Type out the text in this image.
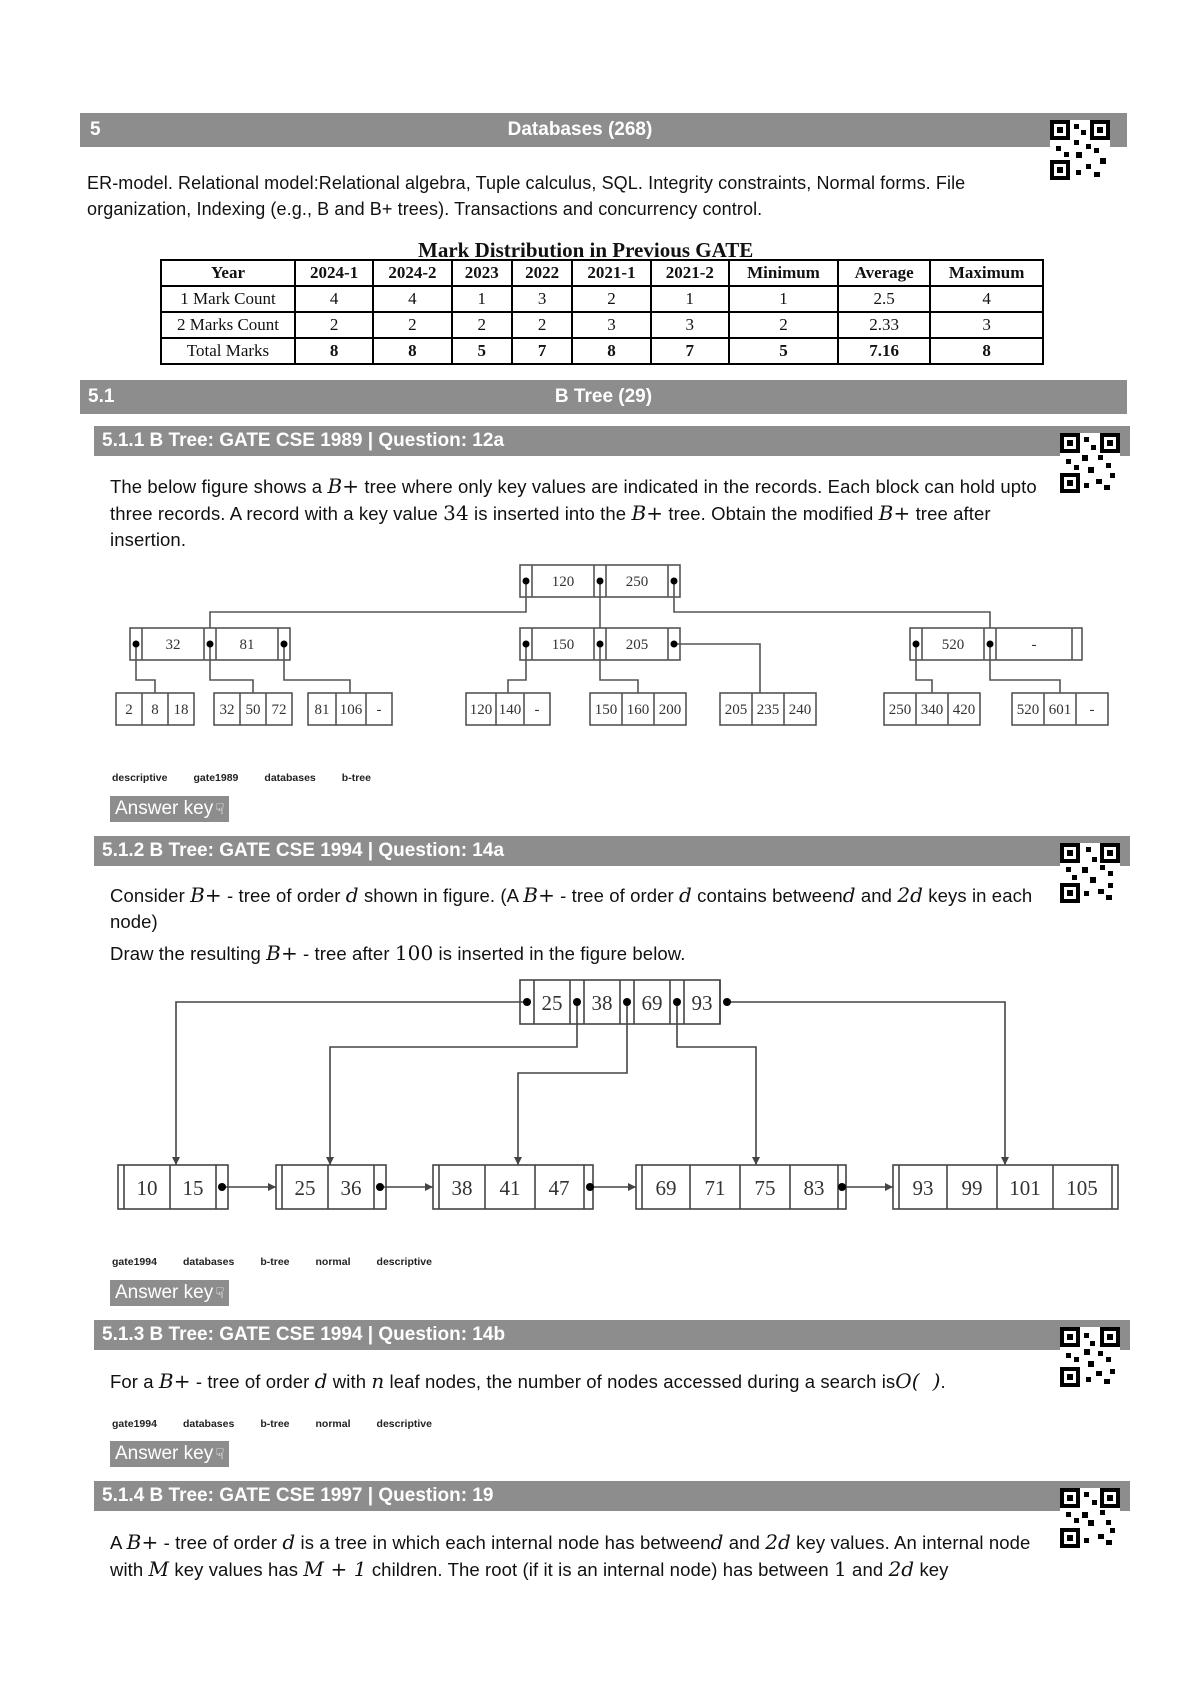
5	Databases (268)
ER-model. Relational model:Relational algebra, Tuple calculus, SQL. Integrity constraints, Normal forms. File organization, Indexing (e.g., B and B+ trees). Transactions and concurrency control.
Mark Distribution in Previous GATE
Year	2024-1	2024-2	2023	2022	2021-1	2021-2	Minimum	Average	Maximum
1 Mark Count	4	4	1	3	2	1	1	2.5	4
2 Marks Count	2	2	2	2	3	3	2	2.33	3
Total Marks	8	8	5	7	8	7	5	7.16	8
5.1	B Tree (29)
5.1.1 B Tree: GATE CSE 1989 | Question: 12a
The below figure shows a B+ tree where only key values are indicated in the records. Each block can hold upto three records. A record with a key value 34 is inserted into the B+ tree. Obtain the modified B+ tree after insertion.
120	250
32	81	150	205	520	-
2 8 18 32 50 72 81 106 -	120 140 -	150 160 200	205 235 240	250 340 420	520 601 -
descriptive gate1989 databases b-tree
Answer key ☟
5.1.2 B Tree: GATE CSE 1994 | Question: 14a
Consider B+ - tree of order d shown in figure. (A B+ - tree of order d contains betweend and 2d keys in each node)
Draw the resulting B+ - tree after 100 is inserted in the figure below.
25 38 69 93
10 15	25 36	38 41 47	69 71 75 83	93 99 101 105
gate1994 databases b-tree normal descriptive
Answer key ☟
5.1.3 B Tree: GATE CSE 1994 | Question: 14b
For a B+ - tree of order d with n leaf nodes, the number of nodes accessed during a search isO(  ).
gate1994 databases b-tree normal descriptive
Answer key ☟
5.1.4 B Tree: GATE CSE 1997 | Question: 19
A B+ - tree of order d is a tree in which each internal node has betweend and 2d key values. An internal node with M key values has M + 1 children. The root (if it is an internal node) has between 1 and 2d key
